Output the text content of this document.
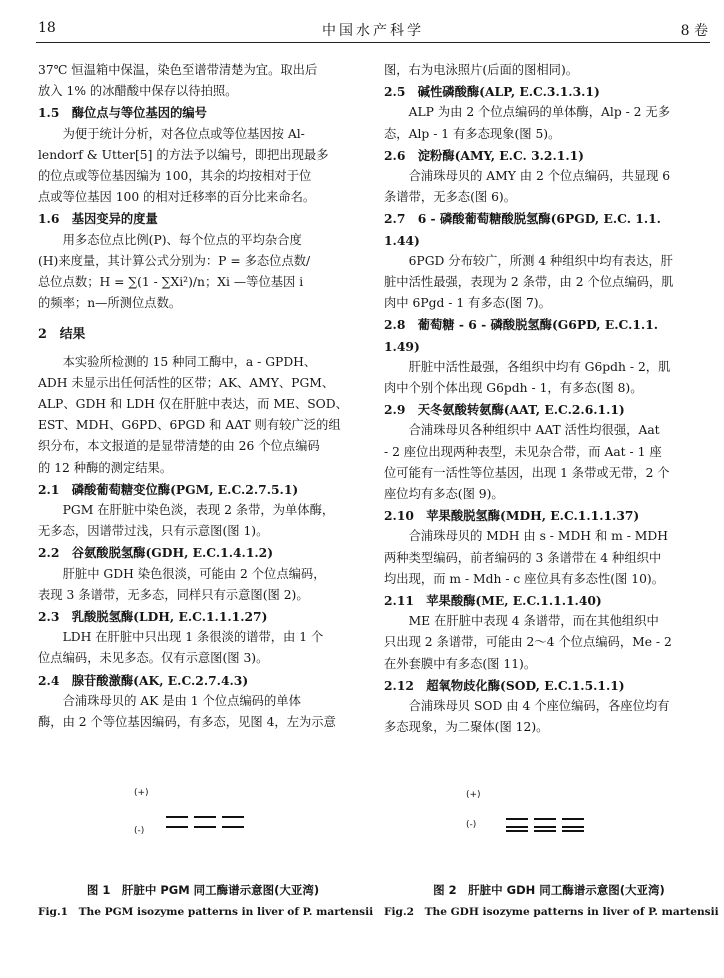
18	中国水产科学	8 卷

37℃ 恒温箱中保温，染色至谱带清楚为宜。取出后

放入 1% 的冰醋酸中保存以待拍照。

1.5　酶位点与等位基因的编号

为便于统计分析，对各位点或等位基因按 Al-

lendorf & Utter[5] 的方法予以编号，即把出现最多

的位点或等位基因编为 100，其余的均按相对于位

点或等位基因 100 的相对迁移率的百分比来命名。

1.6　基因变异的度量

用多态位点比例(P)、每个位点的平均杂合度

(H)来度量，其计算公式分别为：P = 多态位点数/

总位点数；H = ∑(1 - ∑Xi²)/n；Xi —等位基因 i

的频率；n—所测位点数。

2　结果

本实验所检测的 15 种同工酶中，a - GPDH、

ADH 未显示出任何活性的区带；AK、AMY、PGM、

ALP、GDH 和 LDH 仅在肝脏中表达，而 ME、SOD、

EST、MDH、G6PD、6PGD 和 AAT 则有较广泛的组

织分布，本文报道的是显带清楚的由 26 个位点编码

的 12 种酶的测定结果。

2.1　磷酸葡萄糖变位酶(PGM, E.C.2.7.5.1)

PGM 在肝脏中染色淡，表现 2 条带，为单体酶，

无多态，因谱带过浅，只有示意图(图 1)。

2.2　谷氨酸脱氢酶(GDH, E.C.1.4.1.2)

肝脏中 GDH 染色很淡，可能由 2 个位点编码，

表现 3 条谱带，无多态，同样只有示意图(图 2)。

2.3　乳酸脱氢酶(LDH, E.C.1.1.1.27)

LDH 在肝脏中只出现 1 条很淡的谱带，由 1 个

位点编码，未见多态。仅有示意图(图 3)。

2.4　腺苷酸激酶(AK, E.C.2.7.4.3)

合浦珠母贝的 AK 是由 1 个位点编码的单体

酶，由 2 个等位基因编码，有多态，见图 4，左为示意

图，右为电泳照片(后面的图相同)。

2.5　碱性磷酸酶(ALP, E.C.3.1.3.1)

ALP 为由 2 个位点编码的单体酶，Alp - 2 无多

态，Alp - 1 有多态现象(图 5)。

2.6　淀粉酶(AMY, E.C. 3.2.1.1)

合浦珠母贝的 AMY 由 2 个位点编码，共显现 6

条谱带，无多态(图 6)。

2.7　6 - 磷酸葡萄糖酸脱氢酶(6PGD, E.C. 1.1.
1.44)

6PGD 分布较广，所测 4 种组织中均有表达，肝

脏中活性最强，表现为 2 条带，由 2 个位点编码，肌

肉中 6Pgd - 1 有多态(图 7)。

2.8　葡萄糖 - 6 - 磷酸脱氢酶(G6PD, E.C.1.1.
1.49)

肝脏中活性最强，各组织中均有 G6pdh - 2，肌

肉中个别个体出现 G6pdh - 1，有多态(图 8)。

2.9　天冬氨酸转氨酶(AAT, E.C.2.6.1.1)

合浦珠母贝各种组织中 AAT 活性均很强，Aat

- 2 座位出现两种表型，未见杂合带，而 Aat - 1 座

位可能有一活性等位基因，出现 1 条带或无带，2 个

座位均有多态(图 9)。

2.10　苹果酸脱氢酶(MDH, E.C.1.1.1.37)

合浦珠母贝的 MDH 由 s - MDH 和 m - MDH

两种类型编码，前者编码的 3 条谱带在 4 种组织中

均出现，而 m - Mdh - c 座位具有多态性(图 10)。

2.11　苹果酸酶(ME, E.C.1.1.1.40)

ME 在肝脏中表现 4 条谱带，而在其他组织中

只出现 2 条谱带，可能由 2～4 个位点编码，Me - 2

在外套膜中有多态(图 11)。

2.12　超氧物歧化酶(SOD, E.C.1.5.1.1)

合浦珠母贝 SOD 由 4 个座位编码，各座位均有

多态现象，为二聚体(图 12)。

(+)
(-)
图 1　肝脏中 PGM 同工酶谱示意图(大亚湾)
Fig.1　The PGM isozyme patterns in liver of P. martensii
(+)
(-)
图 2　肝脏中 GDH 同工酶谱示意图(大亚湾)
Fig.2　The GDH isozyme patterns in liver of P. martensii
